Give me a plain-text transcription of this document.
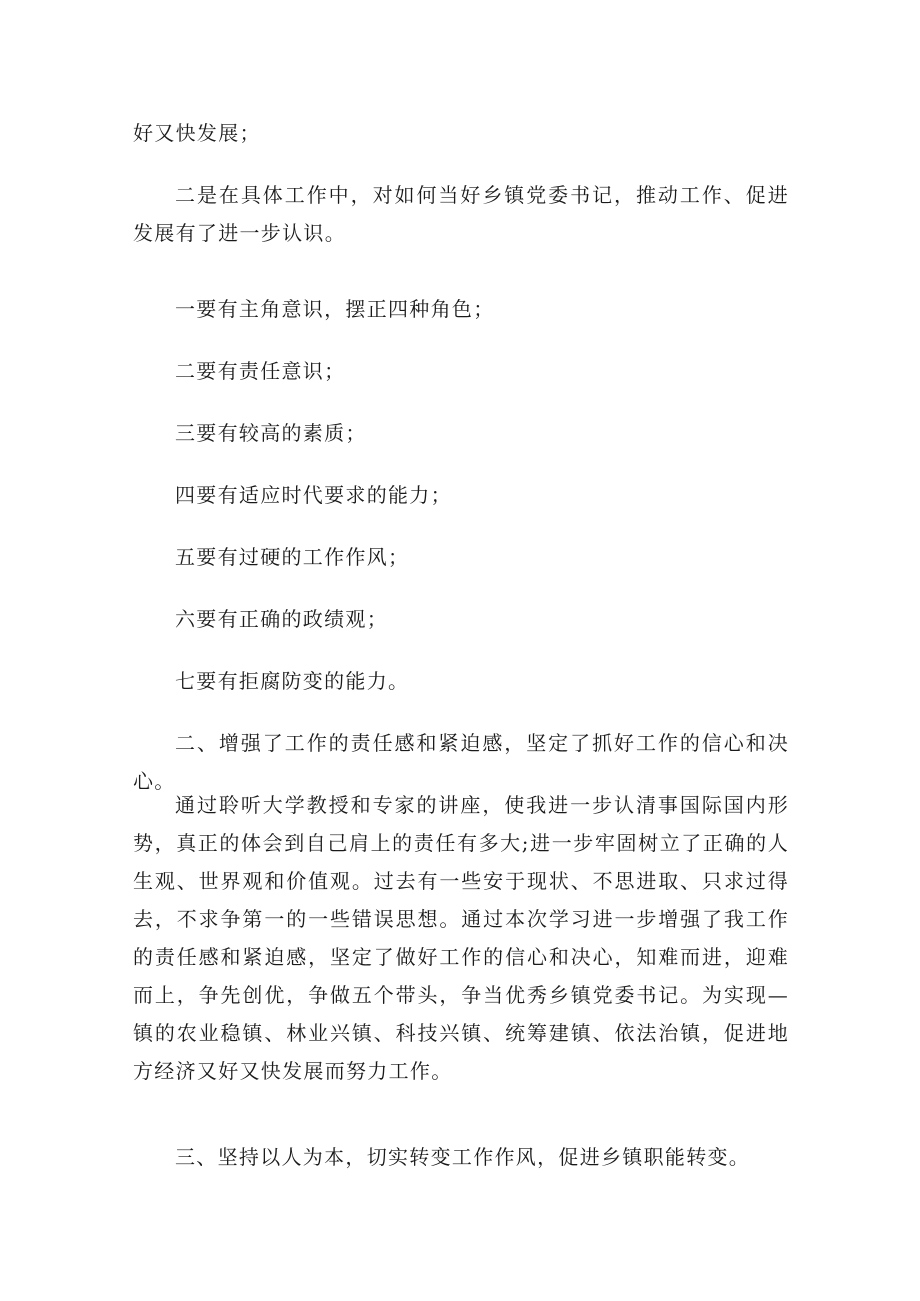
好又快发展；

二是在具体工作中，对如何当好乡镇党委书记，推动工作、促进发展有了进一步认识。

一要有主角意识，摆正四种角色；

二要有责任意识；

三要有较高的素质；

四要有适应时代要求的能力；

五要有过硬的工作作风；

六要有正确的政绩观；

七要有拒腐防变的能力。

二、增强了工作的责任感和紧迫感，坚定了抓好工作的信心和决心。

通过聆听大学教授和专家的讲座，使我进一步认清事国际国内形势，真正的体会到自己肩上的责任有多大;进一步牢固树立了正确的人生观、世界观和价值观。过去有一些安于现状、不思进取、只求过得去，不求争第一的一些错误思想。通过本次学习进一步增强了我工作的责任感和紧迫感，坚定了做好工作的信心和决心，知难而进，迎难而上，争先创优，争做五个带头，争当优秀乡镇党委书记。为实现—镇的农业稳镇、林业兴镇、科技兴镇、统筹建镇、依法治镇，促进地方经济又好又快发展而努力工作。

三、坚持以人为本，切实转变工作作风，促进乡镇职能转变。
